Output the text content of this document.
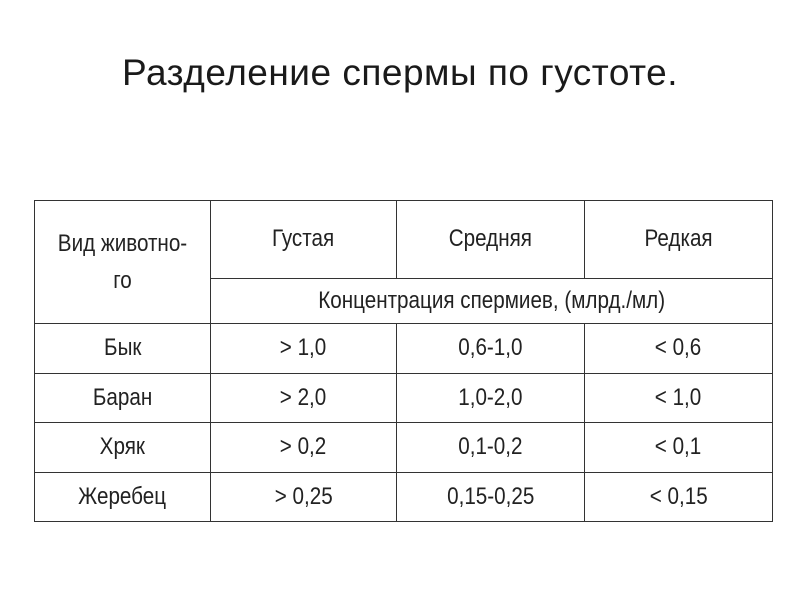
Разделение спермы по густоте.
Вид животно-
го	Густая	Средняя	Редкая
	Концентрация спермиев, (млрд./мл)		
Бык	> 1,0	0,6-1,0	< 0,6
Баран	> 2,0	1,0-2,0	< 1,0
Хряк	> 0,2	0,1-0,2	< 0,1
Жеребец	> 0,25	0,15-0,25	< 0,15
